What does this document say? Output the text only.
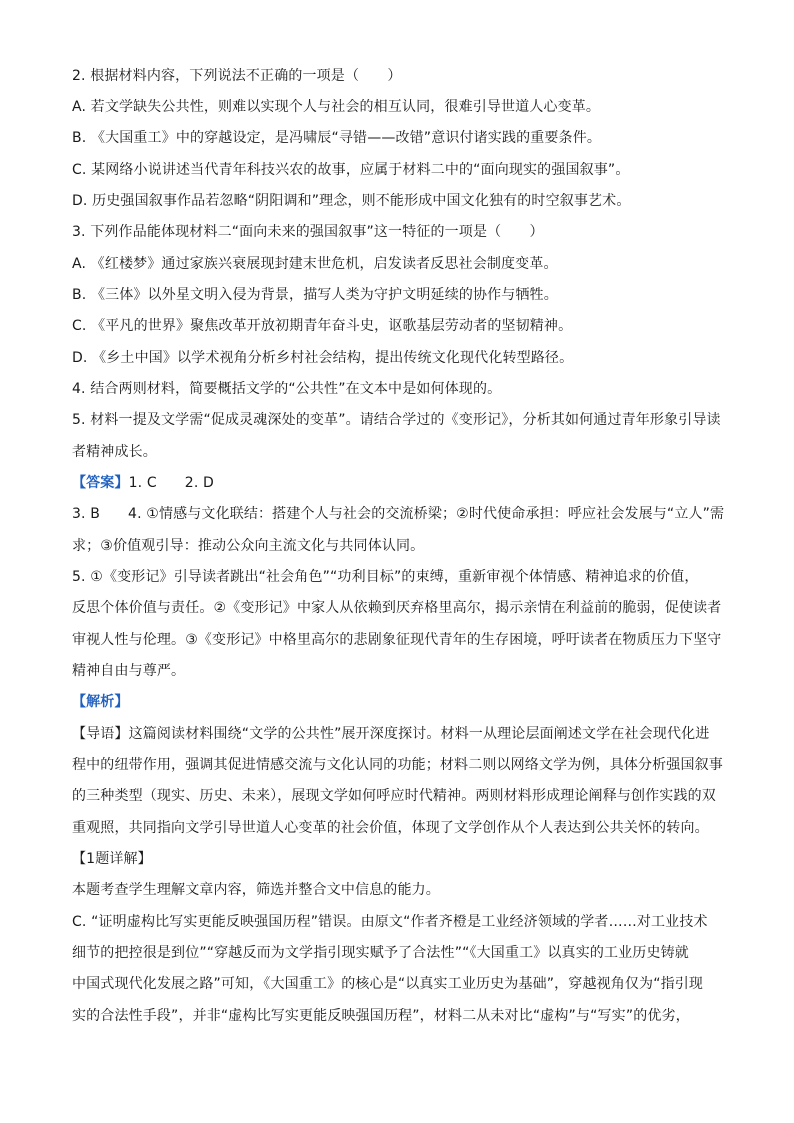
2. 根据材料内容，下列说法不正确的一项是（　　）
A. 若文学缺失公共性，则难以实现个人与社会的相互认同，很难引导世道人心变革。
B. 《大国重工》中的穿越设定，是冯啸辰“寻错——改错”意识付诸实践的重要条件。
C. 某网络小说讲述当代青年科技兴农的故事，应属于材料二中的“面向现实的强国叙事”。
D. 历史强国叙事作品若忽略“阴阳调和”理念，则不能形成中国文化独有的时空叙事艺术。
3. 下列作品能体现材料二“面向未来的强国叙事”这一特征的一项是（　　）
A. 《红楼梦》通过家族兴衰展现封建末世危机，启发读者反思社会制度变革。
B. 《三体》以外星文明入侵为背景，描写人类为守护文明延续的协作与牺牲。
C. 《平凡的世界》聚焦改革开放初期青年奋斗史，讴歌基层劳动者的坚韧精神。
D. 《乡土中国》以学术视角分析乡村社会结构，提出传统文化现代化转型路径。
4. 结合两则材料，简要概括文学的“公共性”在文本中是如何体现的。
5. 材料一提及文学需“促成灵魂深处的变革”。请结合学过的《变形记》，分析其如何通过青年形象引导读
者精神成长。
【答案】1. C 2. D
3. B 4. ①情感与文化联结：搭建个人与社会的交流桥梁；②时代使命承担：呼应社会发展与“立人”需
求；③价值观引导：推动公众向主流文化与共同体认同。
5. ①《变形记》引导读者跳出“社会角色”“功利目标”的束缚，重新审视个体情感、精神追求的价值，
反思个体价值与责任。②《变形记》中家人从依赖到厌弃格里高尔，揭示亲情在利益前的脆弱，促使读者
审视人性与伦理。③《变形记》中格里高尔的悲剧象征现代青年的生存困境，呼吁读者在物质压力下坚守
精神自由与尊严。
【解析】
【导语】这篇阅读材料围绕“文学的公共性”展开深度探讨。材料一从理论层面阐述文学在社会现代化进
程中的纽带作用，强调其促进情感交流与文化认同的功能；材料二则以网络文学为例，具体分析强国叙事
的三种类型（现实、历史、未来），展现文学如何呼应时代精神。两则材料形成理论阐释与创作实践的双
重观照，共同指向文学引导世道人心变革的社会价值，体现了文学创作从个人表达到公共关怀的转向。
【1题详解】
本题考查学生理解文章内容，筛选并整合文中信息的能力。
C. “证明虚构比写实更能反映强国历程”错误。由原文“作者齐橙是工业经济领域的学者……对工业技术
细节的把控很是到位”“穿越反而为文学指引现实赋予了合法性”“《大国重工》以真实的工业历史铸就
中国式现代化发展之路”可知，《大国重工》的核心是“以真实工业历史为基础”，穿越视角仅为“指引现
实的合法性手段”，并非“虚构比写实更能反映强国历程”，材料二从未对比“虚构”与“写实”的优劣，
